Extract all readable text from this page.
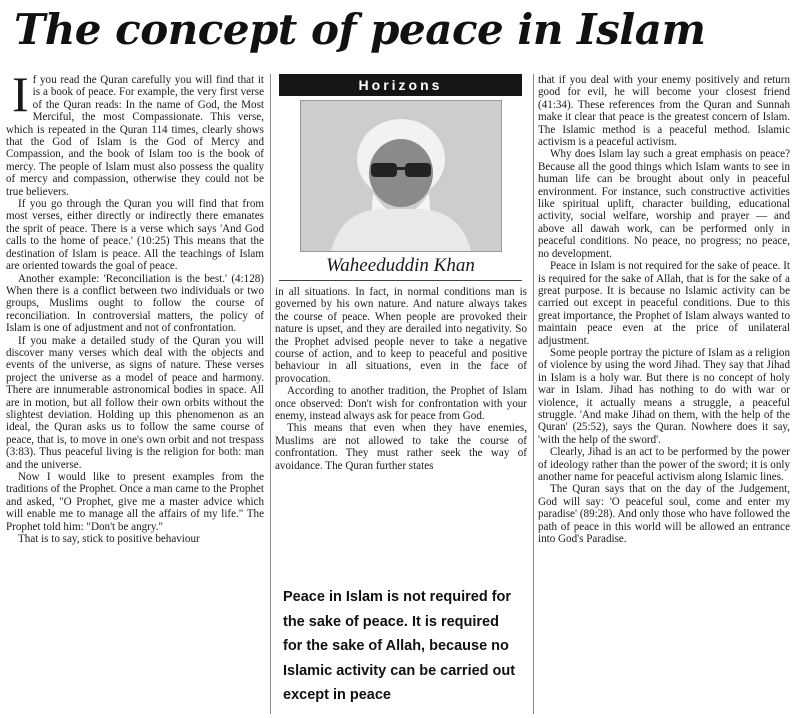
The concept of peace in Islam

If you read the Quran carefully you will find that it is a book of peace. For example, the very first verse of the Quran reads: In the name of God, the Most Merciful, the most Compassionate. This verse, which is repeated in the Quran 114 times, clearly shows that the God of Islam is the God of Mercy and Compassion, and the book of Islam too is the book of mercy. The people of Islam must also possess the quality of mercy and compassion, otherwise they could not be true believers.

If you go through the Quran you will find that from most verses, either directly or indirectly there emanates the sprit of peace. There is a verse which says 'And God calls to the home of peace.' (10:25) This means that the destination of Islam is peace. All the teachings of Islam are oriented towards the goal of peace.

Another example: 'Reconciliation is the best.' (4:128) When there is a conflict between two individuals or two groups, Muslims ought to follow the course of reconciliation. In controversial matters, the policy of Islam is one of adjustment and not of confrontation.

If you make a detailed study of the Quran you will discover many verses which deal with the objects and events of the universe, as signs of nature. These verses project the universe as a model of peace and harmony. There are innumerable astronomical bodies in space. All are in motion, but all follow their own orbits without the slightest deviation. Holding up this phenomenon as an ideal, the Quran asks us to follow the same course of peace, that is, to move in one's own orbit and not trespass (3:83). Thus peaceful living is the religion for both: man and the universe.

Now I would like to present examples from the traditions of the Prophet. Once a man came to the Prophet and asked, "O Prophet, give me a master advice which will enable me to manage all the affairs of my life." The Prophet told him: "Don't be angry."

That is to say, stick to positive behaviour

Horizons
Waheeduddin Khan

in all situations. In fact, in normal conditions man is governed by his own nature. And nature always takes the course of peace. When people are provoked their nature is upset, and they are derailed into negativity. So the Prophet advised people never to take a negative course of action, and to keep to peaceful and positive behaviour in all situations, even in the face of provocation.

According to another tradition, the Prophet of Islam once observed: Don't wish for confrontation with your enemy, instead always ask for peace from God.

This means that even when they have enemies, Muslims are not allowed to take the course of confrontation. They must rather seek the way of avoidance. The Quran further states

Peace in Islam is not required for the sake of peace. It is required for the sake of Allah, because no Islamic activity can be carried out except in peace

that if you deal with your enemy positively and return good for evil, he will become your closest friend (41:34). These references from the Quran and Sunnah make it clear that peace is the greatest concern of Islam. The Islamic method is a peaceful method. Islamic activism is a peaceful activism.

Why does Islam lay such a great emphasis on peace? Because all the good things which Islam wants to see in human life can be brought about only in peaceful environment. For instance, such constructive activities like spiritual uplift, character building, educational activity, social welfare, worship and prayer — and above all dawah work, can be performed only in peaceful conditions. No peace, no progress; no peace, no development.

Peace in Islam is not required for the sake of peace. It is required for the sake of Allah, that is for the sake of a great purpose. It is because no Islamic activity can be carried out except in peaceful conditions. Due to this great importance, the Prophet of Islam always wanted to maintain peace even at the price of unilateral adjustment.

Some people portray the picture of Islam as a religion of violence by using the word Jihad. They say that Jihad in Islam is a holy war. But there is no concept of holy war in Islam. Jihad has nothing to do with war or violence, it actually means a struggle, a peaceful struggle. 'And make Jihad on them, with the help of the Quran' (25:52), says the Quran. Nowhere does it say, 'with the help of the sword'.

Clearly, Jihad is an act to be performed by the power of ideology rather than the power of the sword; it is only another name for peaceful activism along Islamic lines.

The Quran says that on the day of the Judgement, God will say: 'O peaceful soul, come and enter my paradise' (89:28). And only those who have followed the path of peace in this world will be allowed an entrance into God's Paradise.
